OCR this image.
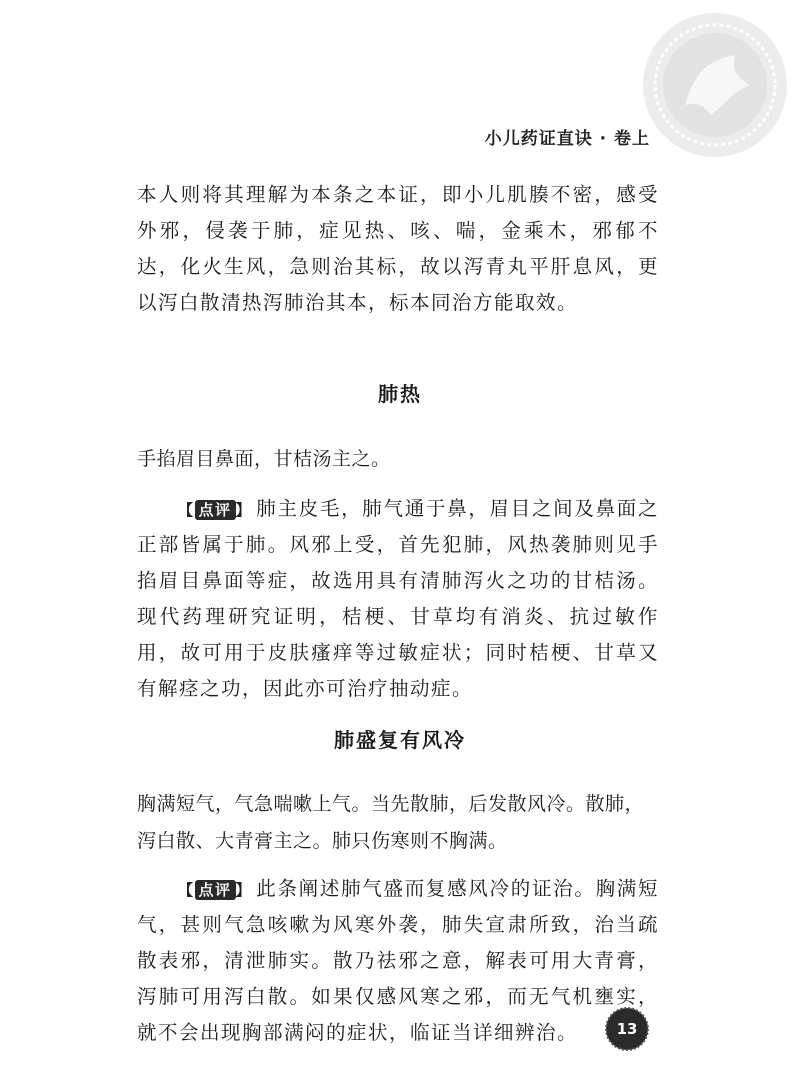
小儿药证直诀 · 卷上

本人则将其理解为本条之本证，即小儿肌腠不密，感受外邪，侵袭于肺，症见热、咳、喘，金乘木，邪郁不达，化火生风，急则治其标，故以泻青丸平肝息风，更以泻白散清热泻肺治其本，标本同治方能取效。

肺热

手掐眉目鼻面，甘桔汤主之。

【 点评 】 肺主皮毛，肺气通于鼻，眉目之间及鼻面之正部皆属于肺。风邪上受，首先犯肺，风热袭肺则见手掐眉目鼻面等症，故选用具有清肺泻火之功的甘桔汤。现代药理研究证明，桔梗、甘草均有消炎、抗过敏作用，故可用于皮肤瘙痒等过敏症状；同时桔梗、甘草又有解痉之功，因此亦可治疗抽动症。

肺盛复有风冷

胸满短气，气急喘嗽上气。当先散肺，后发散风冷。散肺，泻白散、大青膏主之。肺只伤寒则不胸满。

【 点评 】 此条阐述肺气盛而复感风冷的证治。胸满短气，甚则气急咳嗽为风寒外袭，肺失宣肃所致，治当疏散表邪，清泄肺实。散乃祛邪之意，解表可用大青膏，泻肺可用泻白散。如果仅感风寒之邪，而无气机壅实，就不会出现胸部满闷的症状，临证当详细辨治。	13
